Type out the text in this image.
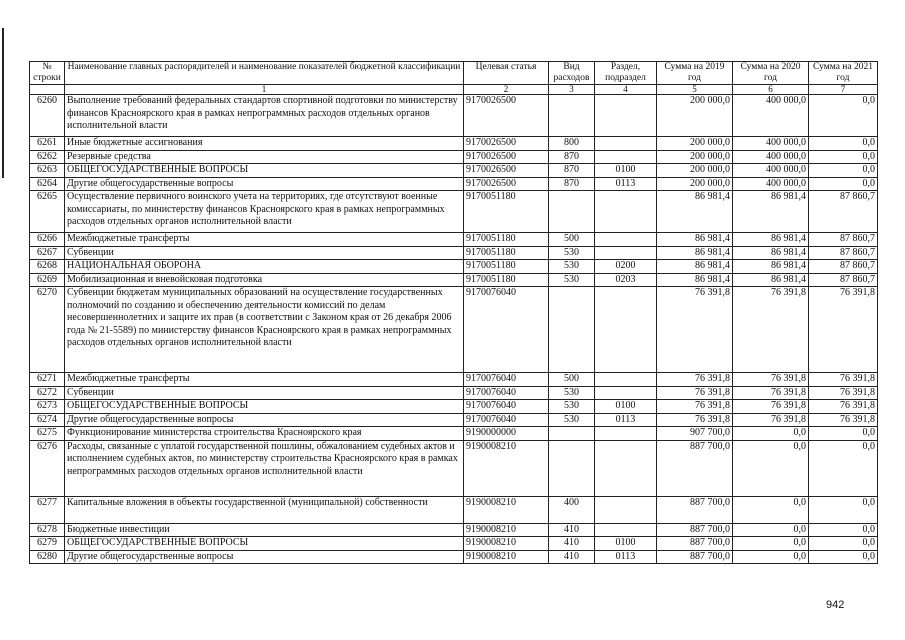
№ строки	Наименование главных распорядителей и наименование показателей бюджетной классификации	Целевая статья	Вид расходов	Раздел, подраздел	Сумма на 2019 год	Сумма на 2020 год	Сумма на 2021 год
	1	2	3	4	5	6	7
6260	Выполнение требований федеральных стандартов спортивной подготовки по министерству финансов Красноярского края в рамках непрограммных расходов отдельных органов исполнительной власти	9170026500			200 000,0	400 000,0	0,0
6261	Иные бюджетные ассигнования	9170026500	800		200 000,0	400 000,0	0,0
6262	Резервные средства	9170026500	870		200 000,0	400 000,0	0,0
6263	ОБЩЕГОСУДАРСТВЕННЫЕ ВОПРОСЫ	9170026500	870	0100	200 000,0	400 000,0	0,0
6264	Другие общегосударственные вопросы	9170026500	870	0113	200 000,0	400 000,0	0,0
6265	Осуществление первичного воинского учета на территориях, где отсутствуют военные комиссариаты, по министерству финансов Красноярского края в рамках непрограммных расходов отдельных органов исполнительной власти	9170051180			86 981,4	86 981,4	87 860,7
6266	Межбюджетные трансферты	9170051180	500		86 981,4	86 981,4	87 860,7
6267	Субвенции	9170051180	530		86 981,4	86 981,4	87 860,7
6268	НАЦИОНАЛЬНАЯ ОБОРОНА	9170051180	530	0200	86 981,4	86 981,4	87 860,7
6269	Мобилизационная и вневойсковая подготовка	9170051180	530	0203	86 981,4	86 981,4	87 860,7
6270	Субвенции бюджетам муниципальных образований на осуществление государственных полномочий по созданию и обеспечению деятельности комиссий по делам несовершеннолетних и защите их прав (в соответствии с Законом края от 26 декабря 2006 года № 21-5589) по министерству финансов Красноярского края в рамках непрограммных расходов отдельных органов исполнительной власти	9170076040			76 391,8	76 391,8	76 391,8
6271	Межбюджетные трансферты	9170076040	500		76 391,8	76 391,8	76 391,8
6272	Субвенции	9170076040	530		76 391,8	76 391,8	76 391,8
6273	ОБЩЕГОСУДАРСТВЕННЫЕ ВОПРОСЫ	9170076040	530	0100	76 391,8	76 391,8	76 391,8
6274	Другие общегосударственные вопросы	9170076040	530	0113	76 391,8	76 391,8	76 391,8
6275	Функционирование министерства строительства Красноярского края	9190000000			907 700,0	0,0	0,0
6276	Расходы, связанные с уплатой государственной пошлины, обжалованием судебных актов и исполнением судебных актов, по министерству строительства Красноярского края в рамках непрограммных расходов отдельных органов исполнительной власти	9190008210			887 700,0	0,0	0,0
6277	Капитальные вложения в объекты государственной (муниципальной) собственности	9190008210	400		887 700,0	0,0	0,0
6278	Бюджетные инвестиции	9190008210	410		887 700,0	0,0	0,0
6279	ОБЩЕГОСУДАРСТВЕННЫЕ ВОПРОСЫ	9190008210	410	0100	887 700,0	0,0	0,0
6280	Другие общегосударственные вопросы	9190008210	410	0113	887 700,0	0,0	0,0
942
